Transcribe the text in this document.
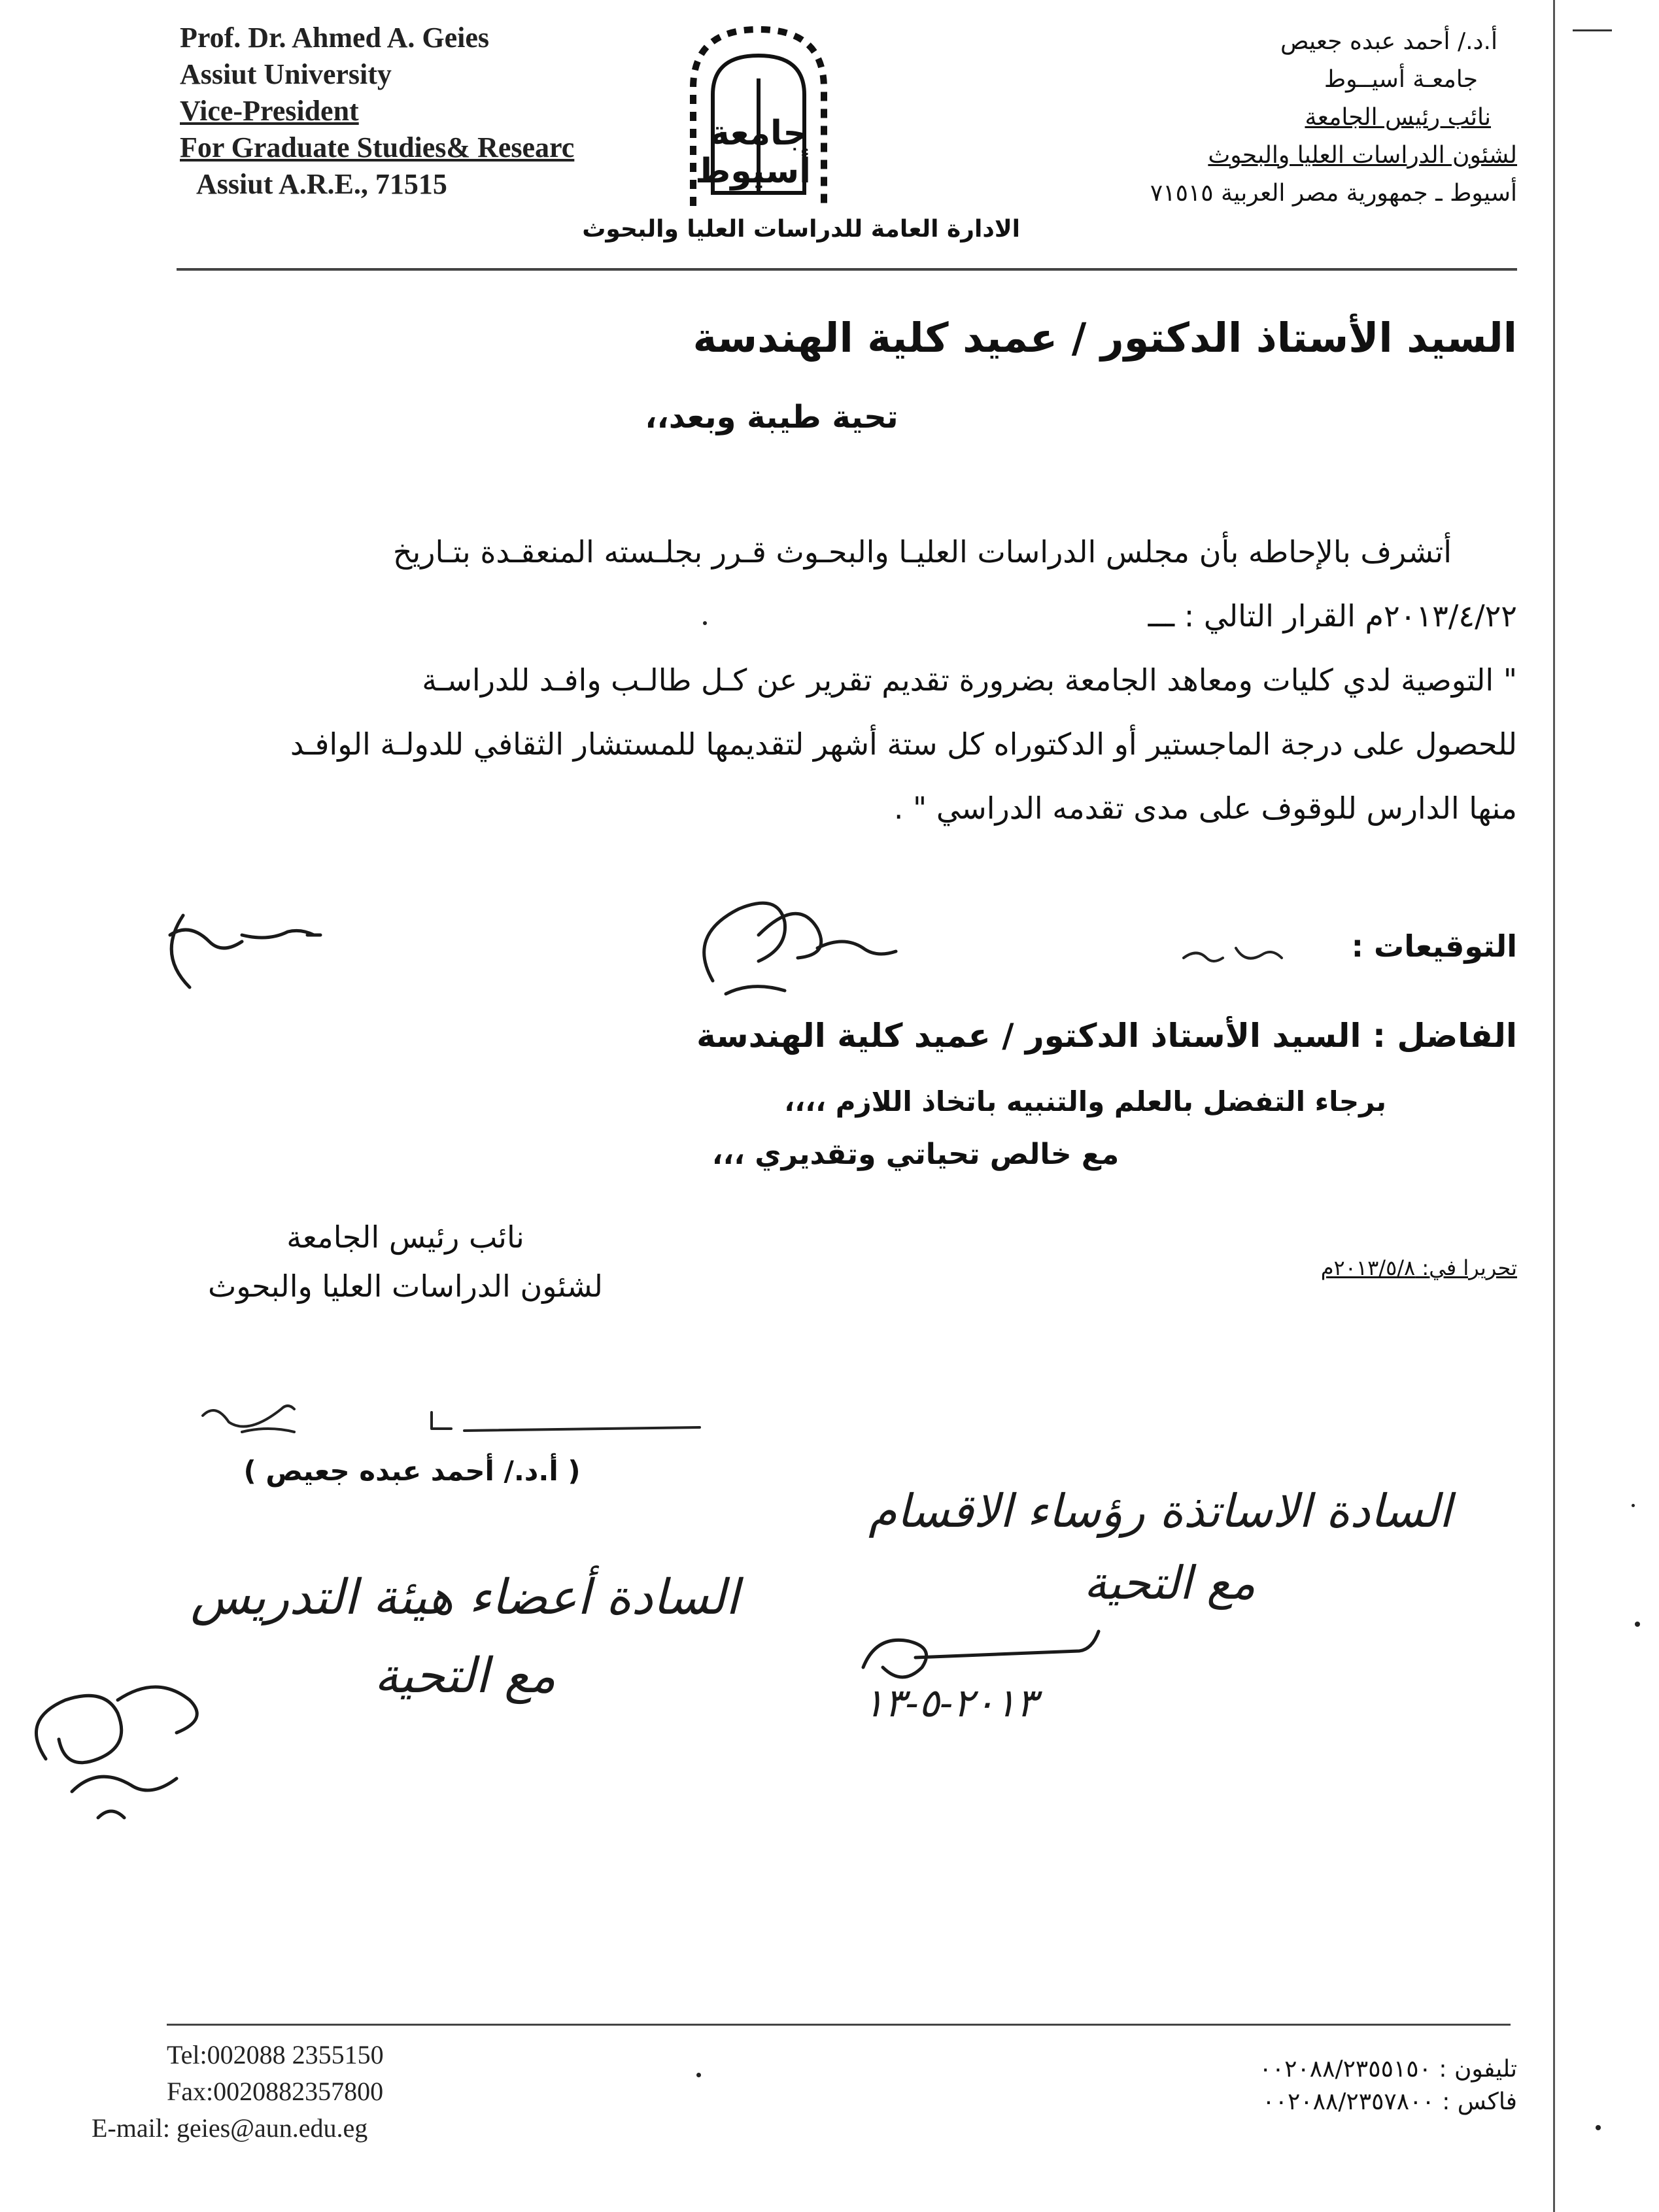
Prof. Dr. Ahmed A. Geies
Assiut University
Vice-President
For Graduate Studies& Researc
Assiut A.R.E., 71515
جامعة أسيوط
أ.د./ أحمد عبده جعيص
جامعـة أسيــوط
نائب رئيس الجامعة
لشئون الدراسات العليا والبحوث
أسيوط ـ جمهورية مصر العربية ٧١٥١٥
الادارة العامة للدراسات العليا والبحوث
السيد الأستاذ الدكتور / عميد كلية الهندسة
تحية طيبة وبعد،،
أتشرف بالإحاطه بأن مجلس الدراسات العليـا والبحـوث قـرر بجلـسته المنعقـدة بتـاريخ
٢٠١٣/٤/٢٢م القرار التالي : ـــ
" التوصية لدي كليات ومعاهد الجامعة بضرورة تقديم تقرير عن كـل طالـب وافـد للدراسـة
للحصول على درجة الماجستير أو الدكتوراه كل ستة أشهر لتقديمها للمستشار الثقافي للدولـة الوافـد
منها الدارس للوقوف على مدى تقدمه الدراسي " .
التوقيعات :
الفاضل : السيد الأستاذ الدكتور / عميد كلية الهندسة
برجاء التفضل بالعلم والتنبيه باتخاذ اللازم ،،،،
مع خالص تحياتي وتقديري ،،،
تحريرا في: ٢٠١٣/٥/٨م
نائب رئيس الجامعة
لشئون الدراسات العليا والبحوث
( أ.د./ أحمد عبده جعيص )
السادة الاساتذة رؤساء الاقسام
مع التحية
٢٠١٣-٥-١٣
السادة أعضاء هيئة التدريس
مع التحية
Tel:002088 2355150
Fax:0020882357800
E-mail: geies@aun.edu.eg
تليفون : ٠٠٢٠٨٨/٢٣٥٥١٥٠
فاكس : ٠٠٢٠٨٨/٢٣٥٧٨٠٠
